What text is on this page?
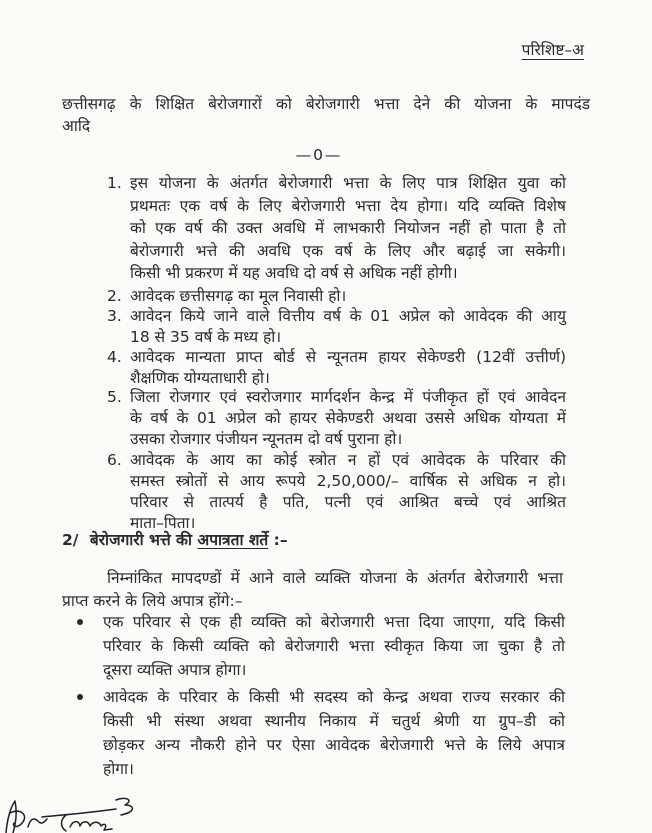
परिशिष्ट–अ
छत्तीसगढ़ के शिक्षित बेरोजगारों को बेरोजगारी भत्ता देने की योजना के मापदंड
आदि
—0—
1. इस योजना के अंतर्गत बेरोजगारी भत्ता के लिए पात्र शिक्षित युवा को
प्रथमतः एक वर्ष के लिए बेरोजगारी भत्ता देय होगा। यदि व्यक्ति विशेष
को एक वर्ष की उक्त अवधि में लाभकारी नियोजन नहीं हो पाता है तो
बेरोजगारी भत्ते की अवधि एक वर्ष के लिए और बढ़ाई जा सकेगी।
किसी भी प्रकरण में यह अवधि दो वर्ष से अधिक नहीं होगी।
2. आवेदक छत्तीसगढ़ का मूल निवासी हो।
3. आवेदन किये जाने वाले वित्तीय वर्ष के 01 अप्रेल को आवेदक की आयु
18 से 35 वर्ष के मध्य हो।
4. आवेदक मान्यता प्राप्त बोर्ड से न्यूनतम हायर सेकेण्डरी (12वीं उत्तीर्ण)
शैक्षणिक योग्यताधारी हो।
5. जिला रोजगार एवं स्वरोजगार मार्गदर्शन केन्द्र में पंजीकृत हों एवं आवेदन
के वर्ष के 01 अप्रेल को हायर सेकेण्डरी अथवा उससे अधिक योग्यता में
उसका रोजगार पंजीयन न्यूनतम दो वर्ष पुराना हो।
6. आवेदक के आय का कोई स्त्रोत न हों एवं आवेदक के परिवार की
समस्त स्त्रोतों से आय रूपये 2,50,000/– वार्षिक से अधिक न हो।
परिवार से तात्पर्य है पति, पत्नी एवं आश्रित बच्चे एवं आश्रित
माता–पिता।
2/ बेरोजगारी भत्ते की अपात्रता शर्ते :–
निम्नांकित मापदण्डों में आने वाले व्यक्ति योजना के अंतर्गत बेरोजगारी भत्ता
प्राप्त करने के लिये अपात्र होंगे:–
एक परिवार से एक ही व्यक्ति को बेरोजगारी भत्ता दिया जाएगा, यदि किसी
परिवार के किसी व्यक्ति को बेरोजगारी भत्ता स्वीकृत किया जा चुका है तो
दूसरा व्यक्ति अपात्र होगा।
आवेदक के परिवार के किसी भी सदस्य को केन्द्र अथवा राज्य सरकार की
किसी भी संस्था अथवा स्थानीय निकाय में चतुर्थ श्रेणी या ग्रुप–डी को
छोड़कर अन्य नौकरी होने पर ऐसा आवेदक बेरोजगारी भत्ते के लिये अपात्र
होगा।
